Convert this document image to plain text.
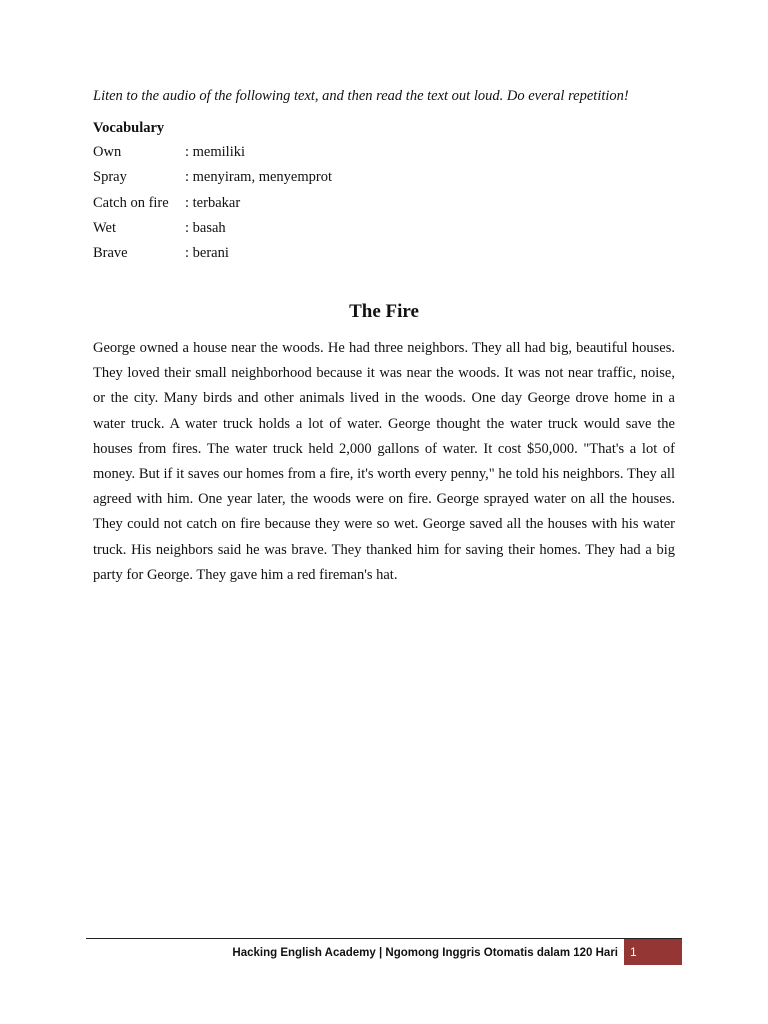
Liten to the audio of the following text, and then read the text out loud. Do everal repetition!
Vocabulary
Own	: memiliki
Spray	: menyiram, menyemprot
Catch on fire	: terbakar
Wet	: basah
Brave	: berani
The Fire

George owned a house near the woods. He had three neighbors. They all had big, beautiful houses. They loved their small neighborhood because it was near the woods. It was not near traffic, noise, or the city. Many birds and other animals lived in the woods. One day George drove home in a water truck. A water truck holds a lot of water. George thought the water truck would save the houses from fires. The water truck held 2,000 gallons of water. It cost $50,000. "That's a lot of money. But if it saves our homes from a fire, it's worth every penny," he told his neighbors. They all agreed with him. One year later, the woods were on fire. George sprayed water on all the houses. They could not catch on fire because they were so wet. George saved all the houses with his water truck. His neighbors said he was brave. They thanked him for saving their homes. They had a big party for George. They gave him a red fireman's hat.

Hacking English Academy | Ngomong Inggris Otomatis dalam 120 Hari	1
